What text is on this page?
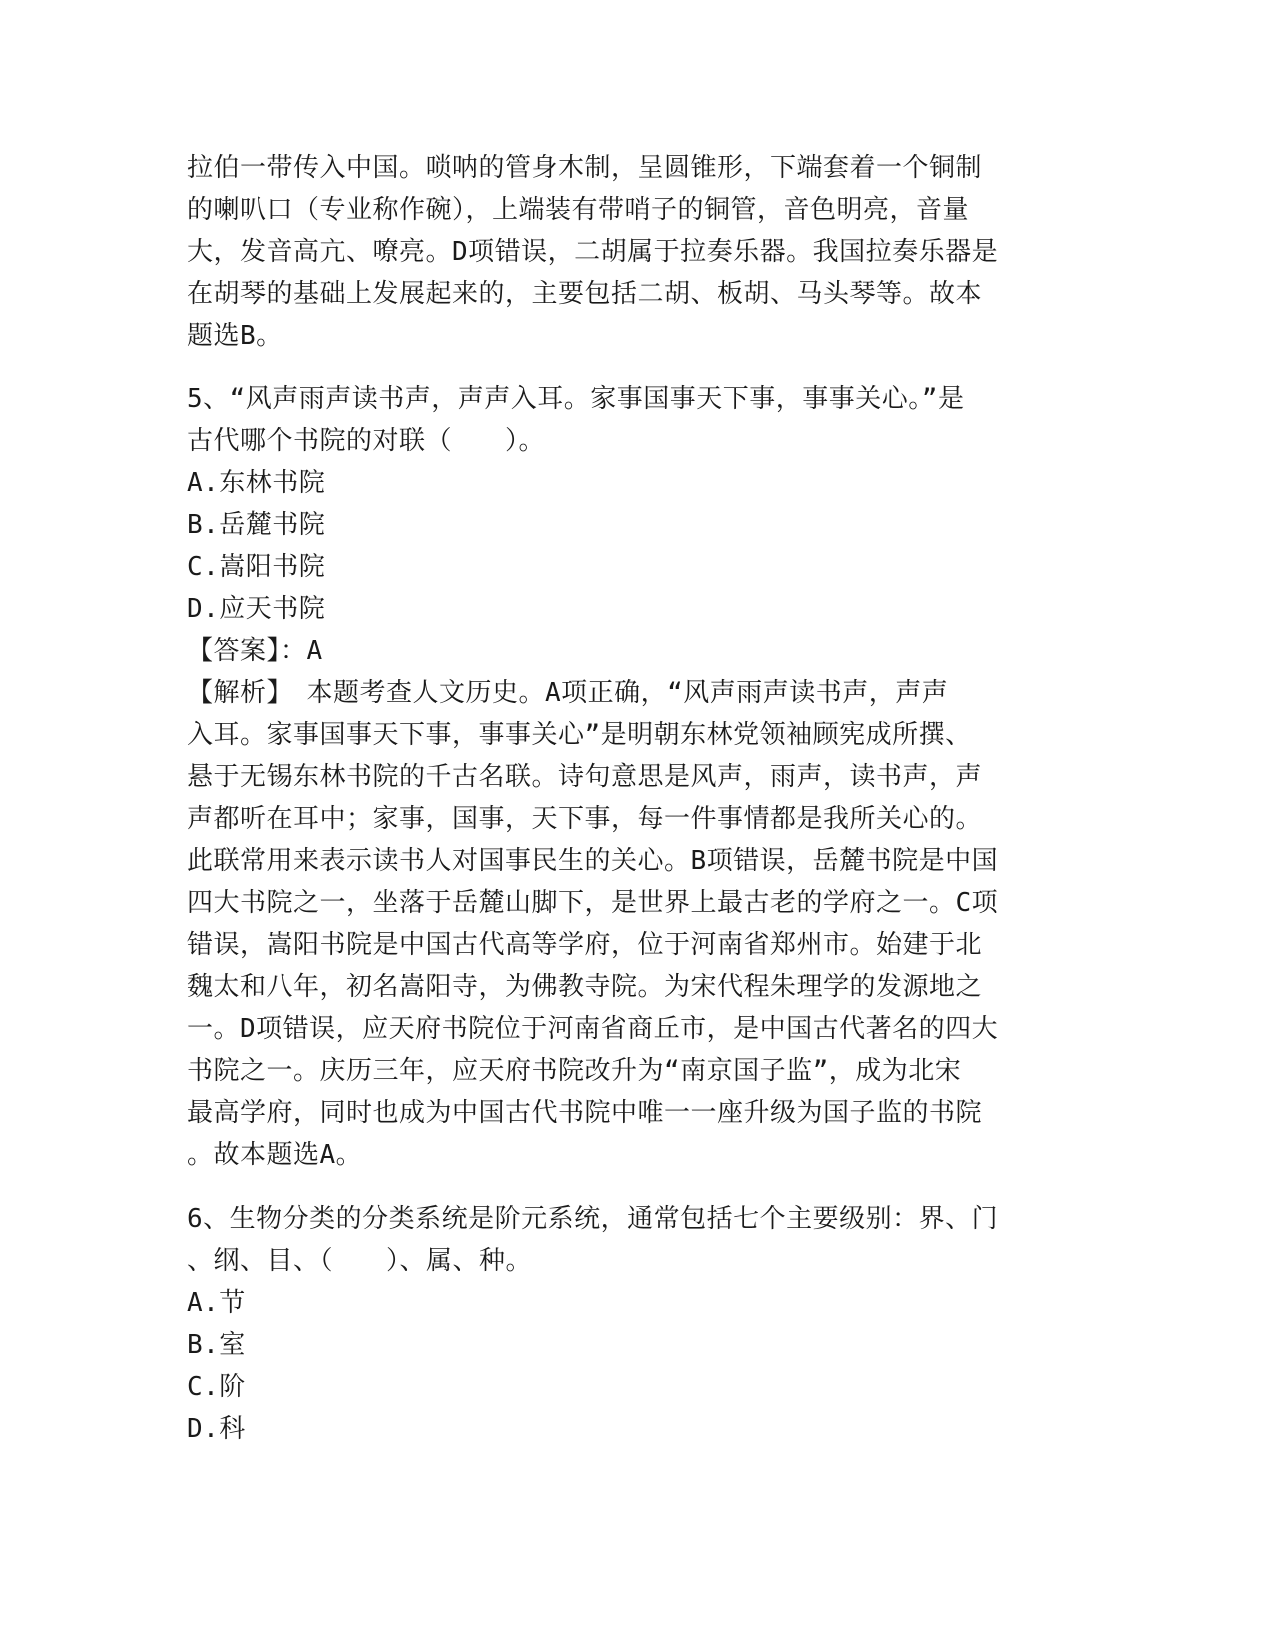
拉伯一带传入中国。唢呐的管身木制，呈圆锥形，下端套着一个铜制
的喇叭口（专业称作碗），上端装有带哨子的铜管，音色明亮，音量
大，发音高亢、嘹亮。D项错误，二胡属于拉奏乐器。我国拉奏乐器是
在胡琴的基础上发展起来的，主要包括二胡、板胡、马头琴等。故本
题选B。
5、“风声雨声读书声，声声入耳。家事国事天下事，事事关心。”是
古代哪个书院的对联（　　）。
A.东林书院
B.岳麓书院
C.嵩阳书院
D.应天书院
【答案】：A
【解析】　本题考查人文历史。A项正确，“风声雨声读书声，声声
入耳。家事国事天下事，事事关心”是明朝东林党领袖顾宪成所撰、
悬于无锡东林书院的千古名联。诗句意思是风声，雨声，读书声，声
声都听在耳中；家事，国事，天下事，每一件事情都是我所关心的。
此联常用来表示读书人对国事民生的关心。B项错误，岳麓书院是中国
四大书院之一，坐落于岳麓山脚下，是世界上最古老的学府之一。C项
错误，嵩阳书院是中国古代高等学府，位于河南省郑州市。始建于北
魏太和八年，初名嵩阳寺，为佛教寺院。为宋代程朱理学的发源地之
一。D项错误，应天府书院位于河南省商丘市，是中国古代著名的四大
书院之一。庆历三年，应天府书院改升为“南京国子监”，成为北宋
最高学府，同时也成为中国古代书院中唯一一座升级为国子监的书院
。故本题选A。
6、生物分类的分类系统是阶元系统，通常包括七个主要级别：界、门
、纲、目、（　　）、属、种。
A.节
B.室
C.阶
D.科
